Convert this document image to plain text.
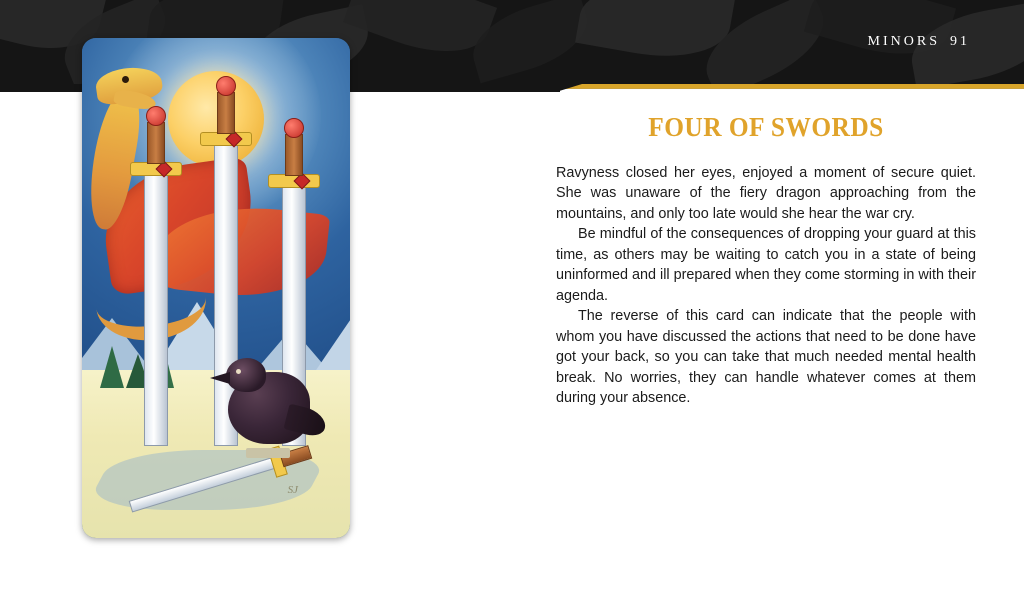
MINORS 91
SJ
FOUR OF SWORDS

Ravyness closed her eyes, enjoyed a moment of secure quiet. She was unaware of the fiery dragon approaching from the mountains, and only too late would she hear the war cry.

Be mindful of the consequences of dropping your guard at this time, as others may be waiting to catch you in a state of being uninformed and ill prepared when they come storming in with their agenda.

The reverse of this card can indicate that the people with whom you have discussed the actions that need to be done have got your back, so you can take that much needed mental health break. No worries, they can handle whatever comes at them during your absence.
